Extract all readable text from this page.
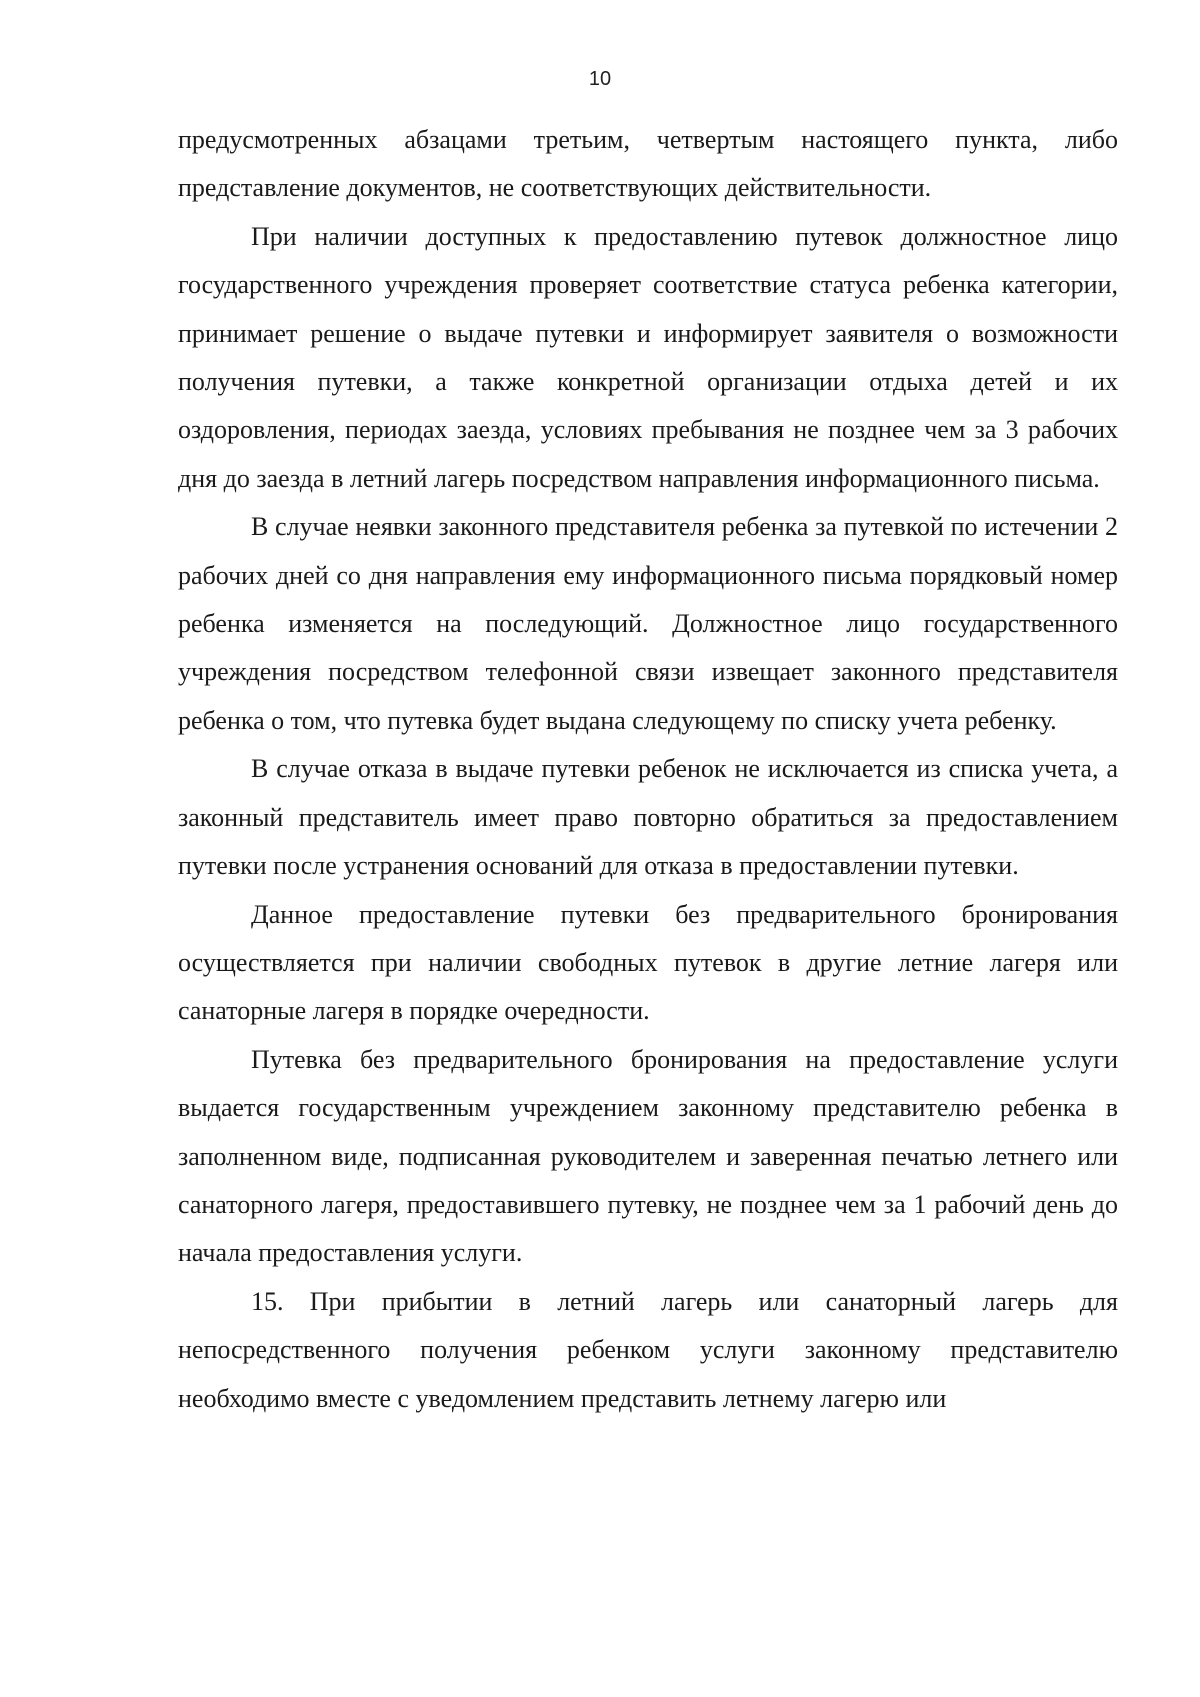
10

предусмотренных абзацами третьим, четвертым настоящего пункта, либо представление документов, не соответствующих действительности.

При наличии доступных к предоставлению путевок должностное лицо государственного учреждения проверяет соответствие статуса ребенка категории, принимает решение о выдаче путевки и информирует заявителя о возможности получения путевки, а также конкретной организации отдыха детей и их оздоровления, периодах заезда, условиях пребывания не позднее чем за 3 рабочих дня до заезда в летний лагерь посредством направления информационного письма.

В случае неявки законного представителя ребенка за путевкой по истечении 2 рабочих дней со дня направления ему информационного письма порядковый номер ребенка изменяется на последующий. Должностное лицо государственного учреждения посредством телефонной связи извещает законного представителя ребенка о том, что путевка будет выдана следующему по списку учета ребенку.

В случае отказа в выдаче путевки ребенок не исключается из списка учета, а законный представитель имеет право повторно обратиться за предоставлением путевки после устранения оснований для отказа в предоставлении путевки.

Данное предоставление путевки без предварительного бронирования осуществляется при наличии свободных путевок в другие летние лагеря или санаторные лагеря в порядке очередности.

Путевка без предварительного бронирования на предоставление услуги выдается государственным учреждением законному представителю ребенка в заполненном виде, подписанная руководителем и заверенная печатью летнего или санаторного лагеря, предоставившего путевку, не позднее чем за 1 рабочий день до начала предоставления услуги.

15. При прибытии в летний лагерь или санаторный лагерь для непосредственного получения ребенком услуги законному представителю необходимо вместе с уведомлением представить летнему лагерю или
